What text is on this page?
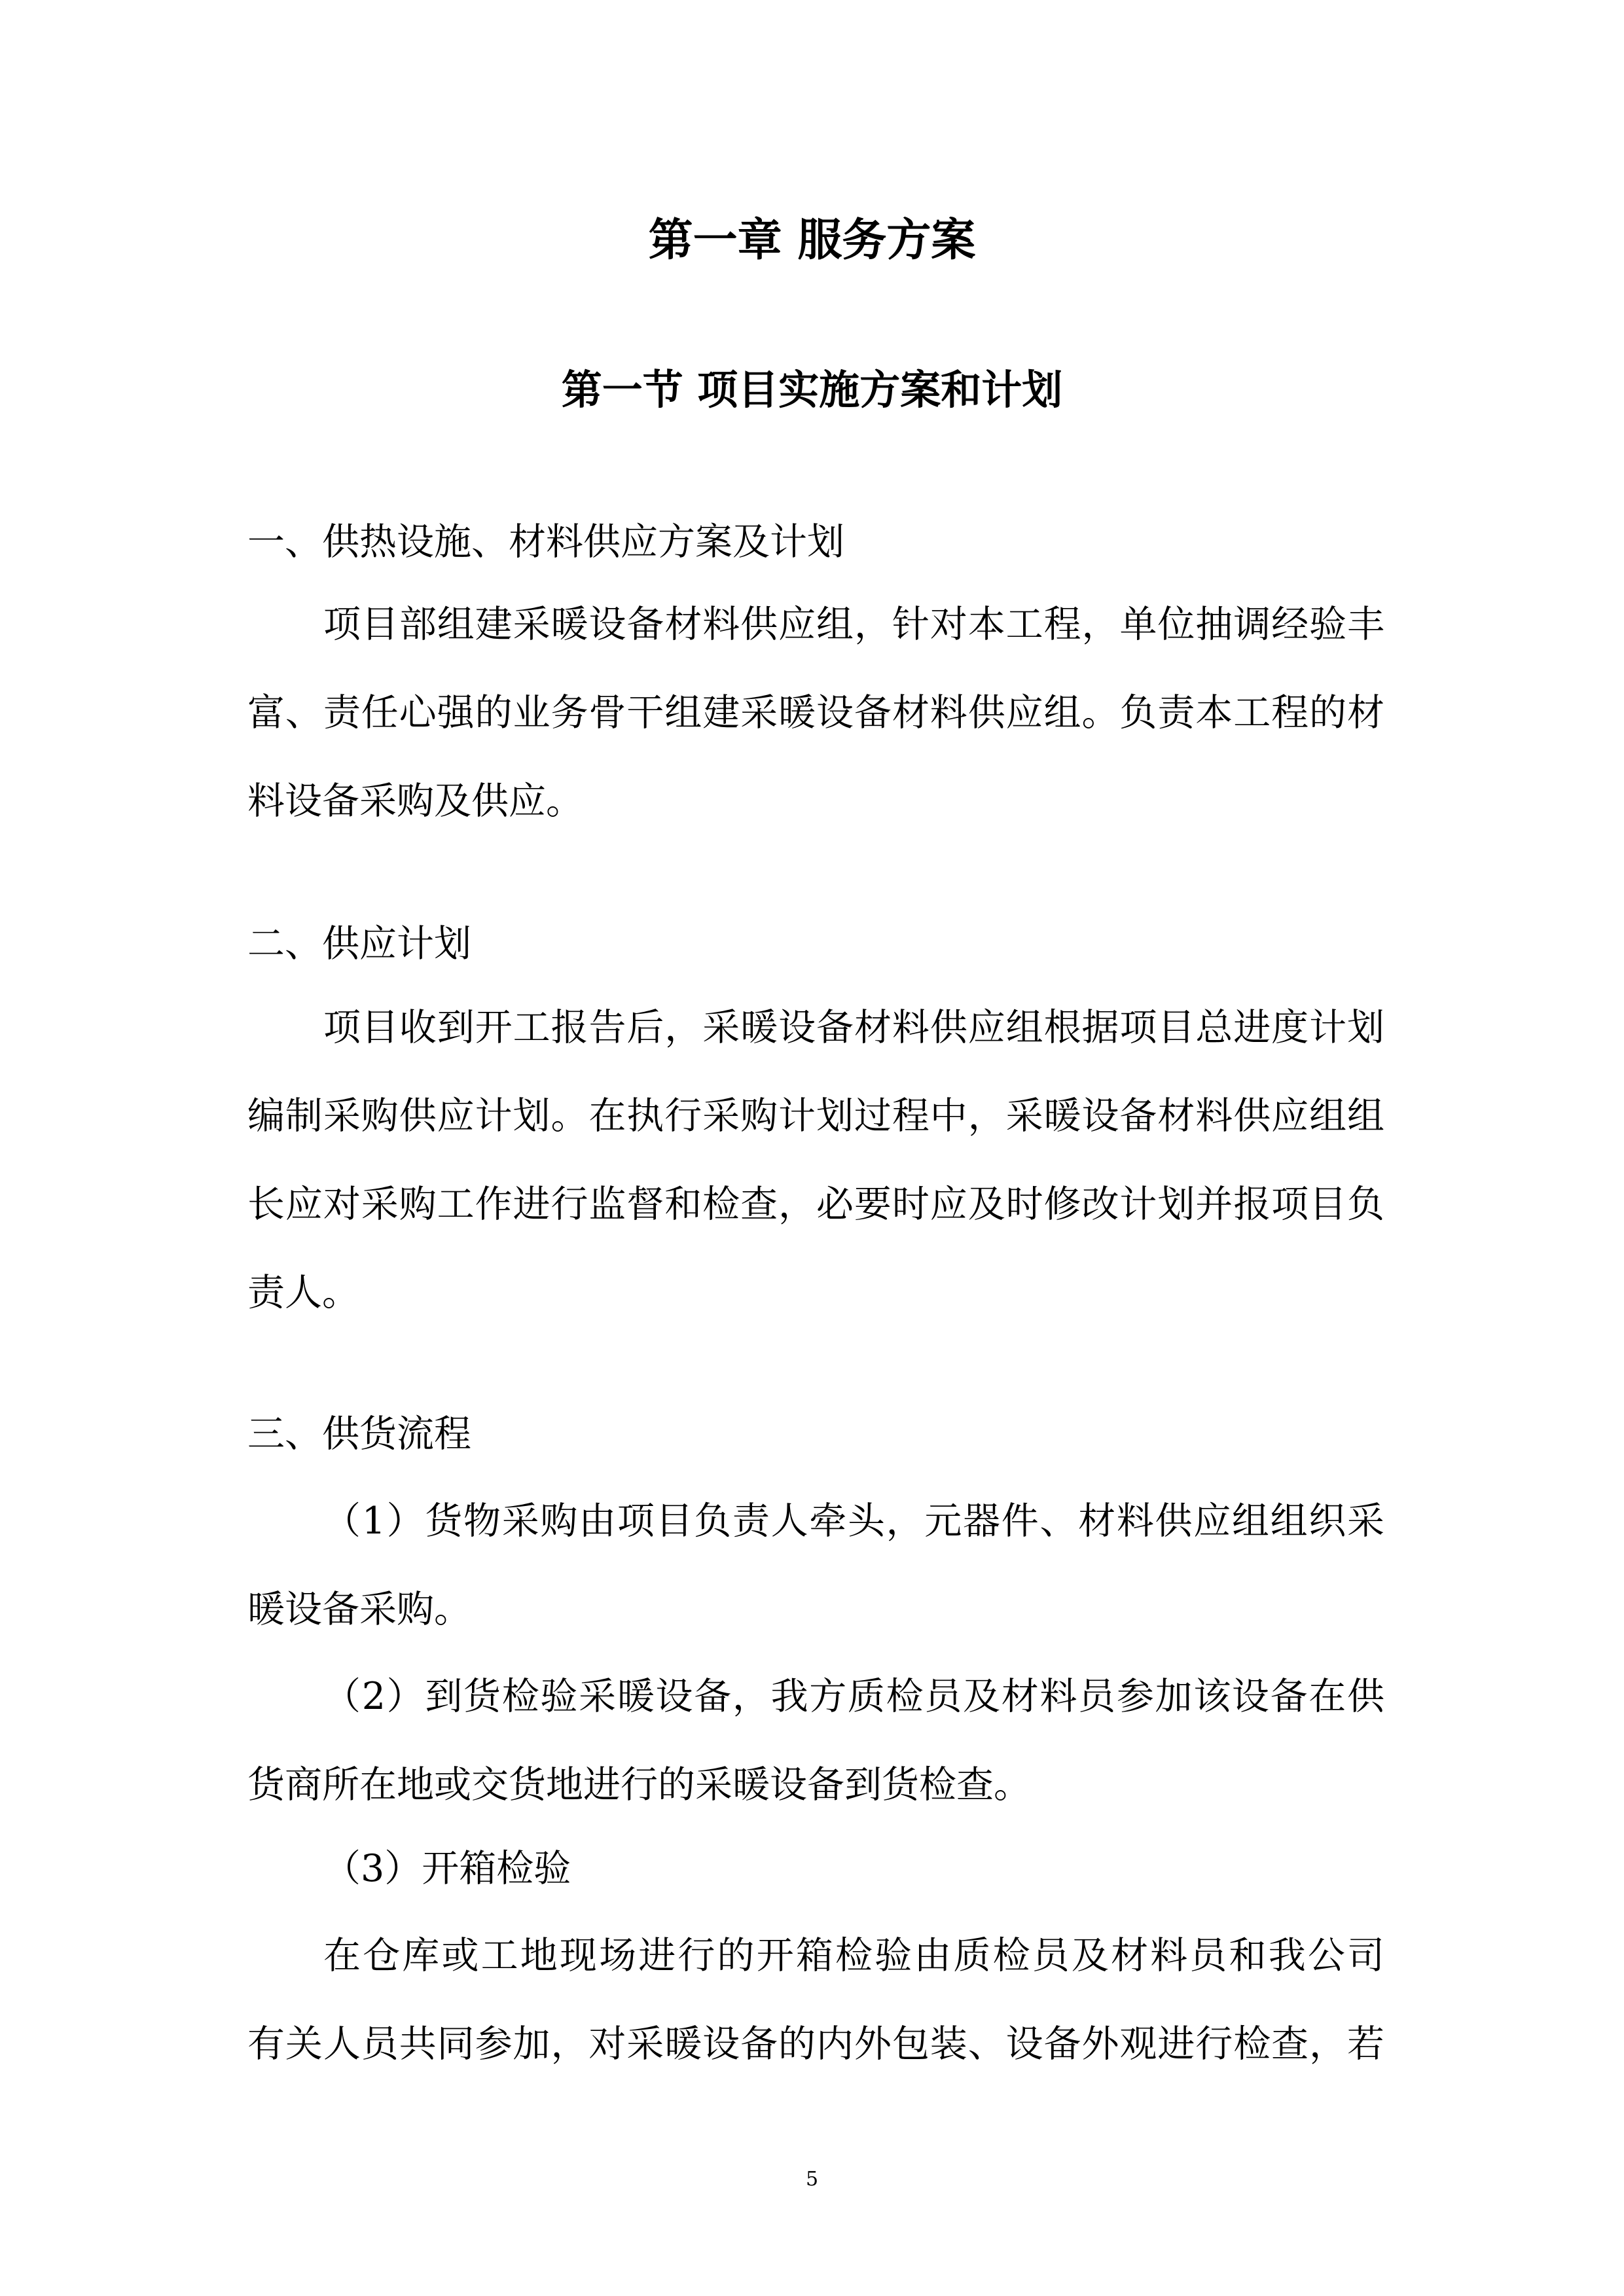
第一章 服务方案
第一节 项目实施方案和计划
一、供热设施、材料供应方案及计划
项目部组建采暖设备材料供应组，针对本工程，单位抽调经验丰
富、责任心强的业务骨干组建采暖设备材料供应组。负责本工程的材
料设备采购及供应。
二、供应计划
项目收到开工报告后，采暖设备材料供应组根据项目总进度计划
编制采购供应计划。在执行采购计划过程中，采暖设备材料供应组组
长应对采购工作进行监督和检查，必要时应及时修改计划并报项目负
责人。
三、供货流程
（1）货物采购由项目负责人牵头，元器件、材料供应组组织采
暖设备采购。
（2）到货检验采暖设备，我方质检员及材料员参加该设备在供
货商所在地或交货地进行的采暖设备到货检查。
（3）开箱检验
在仓库或工地现场进行的开箱检验由质检员及材料员和我公司
有关人员共同参加，对采暖设备的内外包装、设备外观进行检查，若
5
